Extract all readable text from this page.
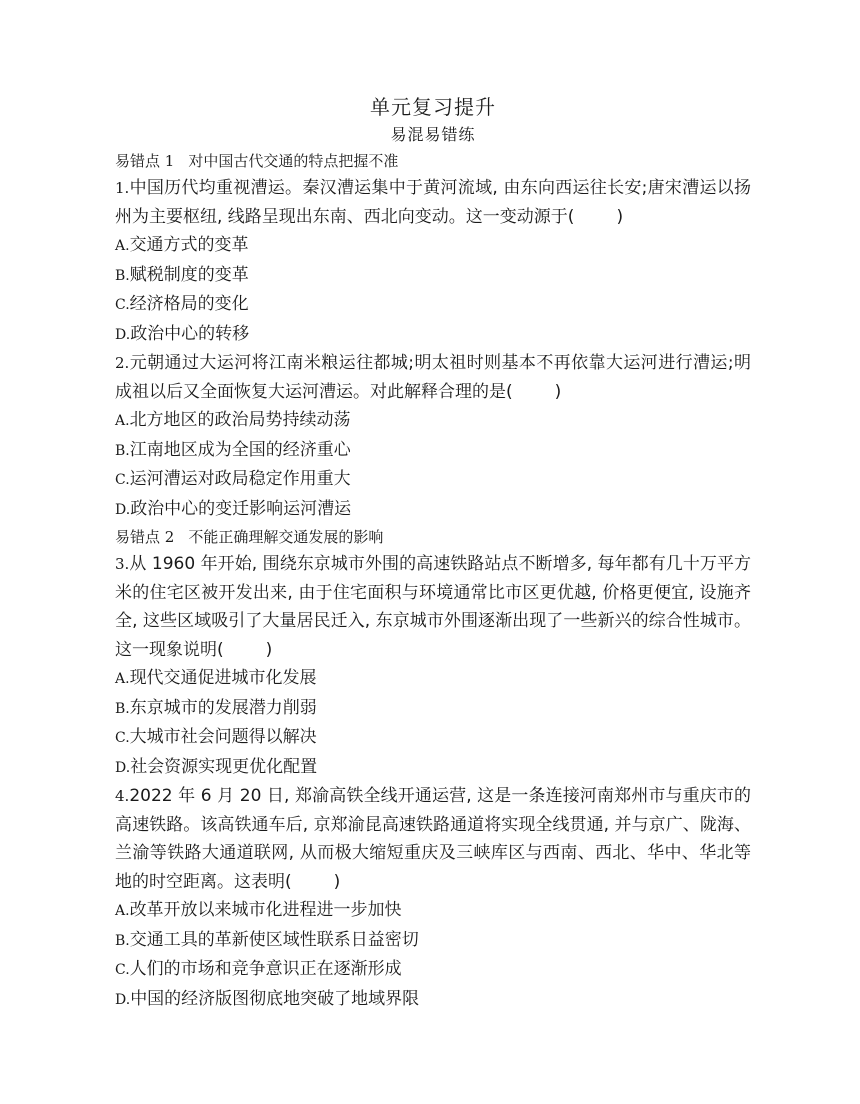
单元复习提升

易混易错练

易错点 1 对中国古代交通的特点把握不准

1.中国历代均重视漕运。秦汉漕运集中于黄河流域, 由东向西运往长安;唐宋漕运以扬州为主要枢纽, 线路呈现出东南、西北向变动。这一变动源于( )

A.交通方式的变革

B.赋税制度的变革

C.经济格局的变化

D.政治中心的转移

2.元朝通过大运河将江南米粮运往都城;明太祖时则基本不再依靠大运河进行漕运;明成祖以后又全面恢复大运河漕运。对此解释合理的是( )

A.北方地区的政治局势持续动荡

B.江南地区成为全国的经济重心

C.运河漕运对政局稳定作用重大

D.政治中心的变迁影响运河漕运

易错点 2 不能正确理解交通发展的影响

3.从 1960 年开始, 围绕东京城市外围的高速铁路站点不断增多, 每年都有几十万平方米的住宅区被开发出来, 由于住宅面积与环境通常比市区更优越, 价格更便宜, 设施齐全, 这些区域吸引了大量居民迁入, 东京城市外围逐渐出现了一些新兴的综合性城市。这一现象说明( )

A.现代交通促进城市化发展

B.东京城市的发展潜力削弱

C.大城市社会问题得以解决

D.社会资源实现更优化配置

4.2022 年 6 月 20 日, 郑渝高铁全线开通运营, 这是一条连接河南郑州市与重庆市的高速铁路。该高铁通车后, 京郑渝昆高速铁路通道将实现全线贯通, 并与京广、陇海、兰渝等铁路大通道联网, 从而极大缩短重庆及三峡库区与西南、西北、华中、华北等地的时空距离。这表明( )

A.改革开放以来城市化进程进一步加快

B.交通工具的革新使区域性联系日益密切

C.人们的市场和竞争意识正在逐渐形成

D.中国的经济版图彻底地突破了地域界限
